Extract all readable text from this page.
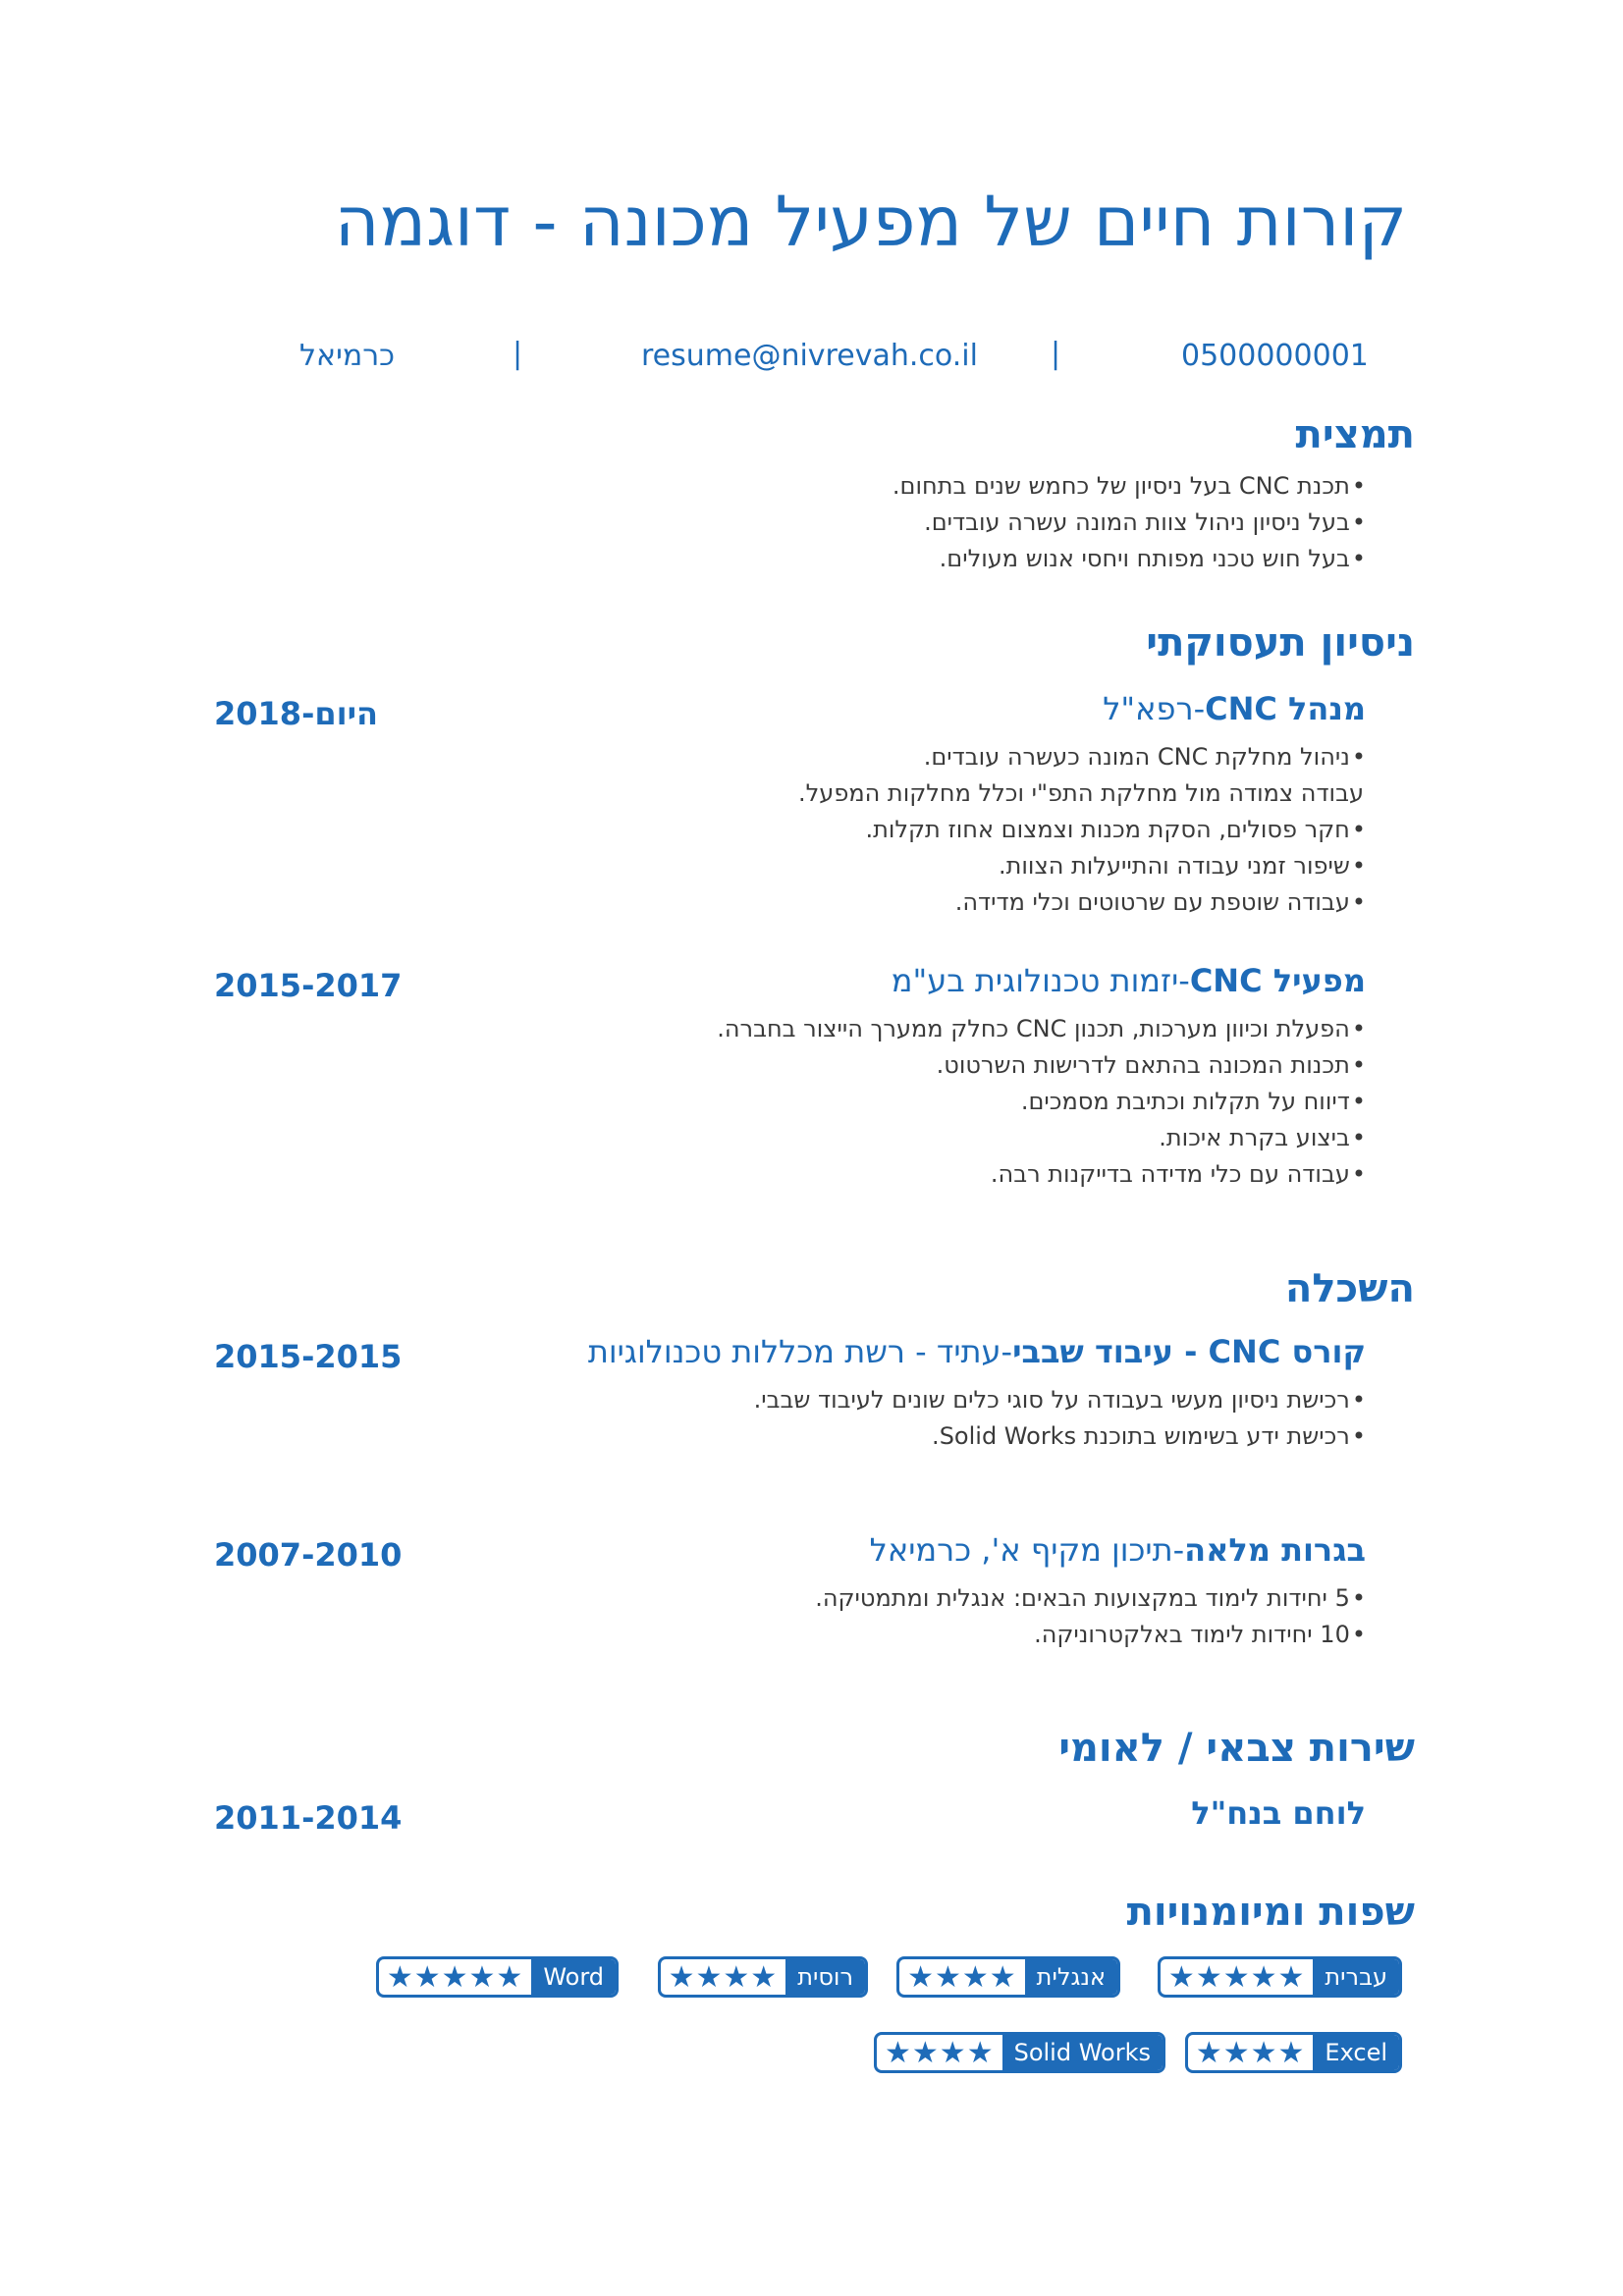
קורות חיים של מפעיל מכונה - דוגמה
0500000001
|
resume@nivrevah.co.il
|
כרמיאל
תמצית
• תכנת CNC בעל ניסיון של כחמש שנים בתחום.
• בעל ניסיון ניהול צוות המונה עשרה עובדים.
• בעל חוש טכני מפותח ויחסי אנוש מעולים.
ניסיון תעסוקתי
מנהל CNC-רפא"ל
2018-היום
• ניהול מחלקת CNC המונה כעשרה עובדים.
עבודה צמודה מול מחלקת התפ"י וכלל מחלקות המפעל.
• חקר פסולים, הסקת מכנות וצמצום אחוז תקלות.
• שיפור זמני עבודה והתייעלות הצוות.
• עבודה שוטפת עם שרטוטים וכלי מדידה.
מפעיל CNC-יזמות טכנולוגית בע"מ
2015-2017
• הפעלת וכיוון מערכות, תכנון CNC כחלק ממערך הייצור בחברה.
• תכנות המכונה בהתאם לדרישות השרטוט.
• דיווח על תקלות וכתיבת מסמכים.
• ביצוע בקרת איכות.
• עבודה עם כלי מדידה בדייקנות רבה.
השכלה
קורס CNC - עיבוד שבבי-עתיד - רשת מכללות טכנולוגיות
2015-2015
• רכישת ניסיון מעשי בעבודה על סוגי כלים שונים לעיבוד שבבי.
• רכישת ידע בשימוש בתוכנת Solid Works.
בגרות מלאה-תיכון מקיף א', כרמיאל
2007-2010
• 5 יחידות לימוד במקצועות הבאים: אנגלית ומתמטיקה.
• 10 יחידות לימוד באלקטרוניקה.
שירות צבאי / לאומי
לוחם בנח"ל
2011-2014
שפות ומיומנויות
עברית
★★★★★
אנגלית
★★★★
רוסית
★★★★
Word
★★★★★
Excel
★★★★
Solid Works
★★★★
